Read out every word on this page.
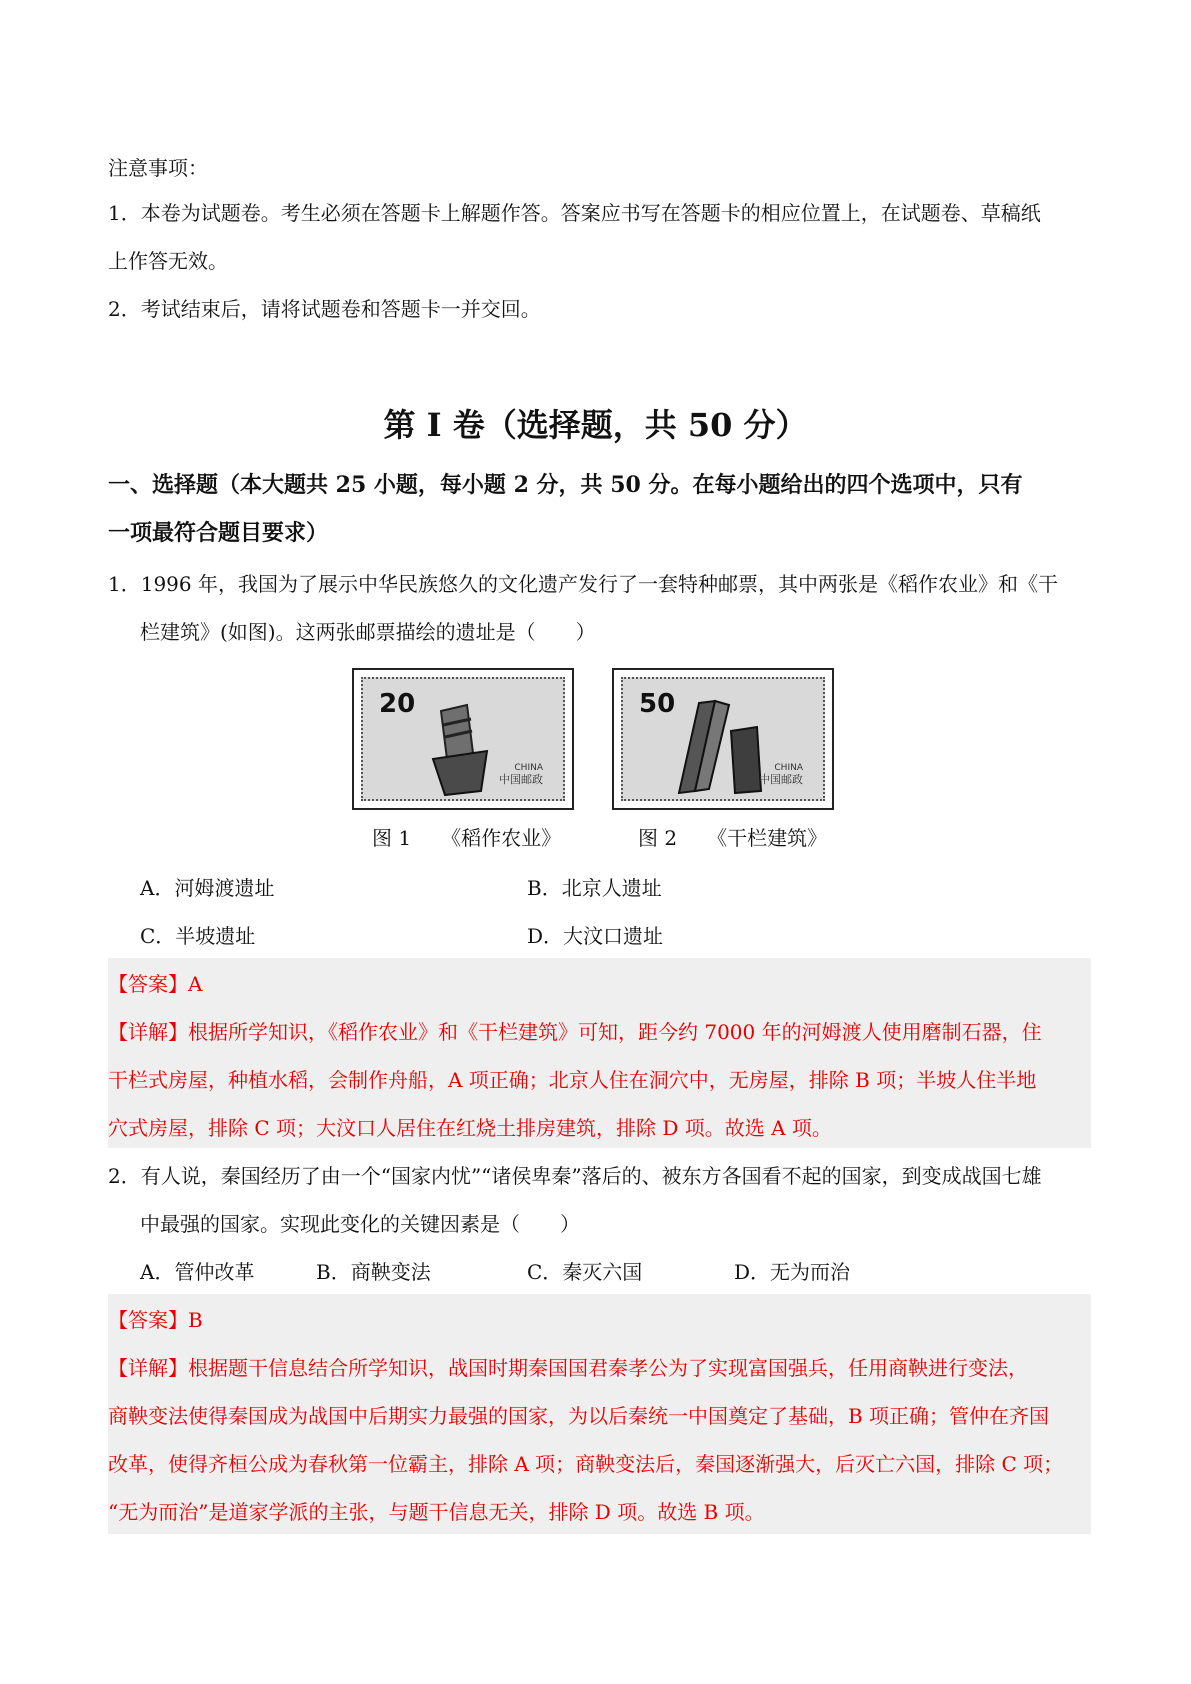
注意事项：
1．本卷为试题卷。考生必须在答题卡上解题作答。答案应书写在答题卡的相应位置上，在试题卷、草稿纸
上作答无效。
2．考试结束后，请将试题卷和答题卡一并交回。
第 I 卷（选择题，共 50 分）
一、选择题（本大题共 25 小题，每小题 2 分，共 50 分。在每小题给出的四个选项中，只有
一项最符合题目要求）
1．1996 年，我国为了展示中华民族悠久的文化遗产发行了一套特种邮票，其中两张是《稻作农业》和《干
栏建筑》(如图)。这两张邮票描绘的遗址是（　　）
20
CHINA
中国邮政
50
CHINA
中国邮政
图 1　　《稻作农业》	图 2　　《干栏建筑》
A．河姆渡遗址	B．北京人遗址
C．半坡遗址	D．大汶口遗址
【答案】A
【详解】根据所学知识，《稻作农业》和《干栏建筑》可知，距今约 7000 年的河姆渡人使用磨制石器，住
干栏式房屋，种植水稻，会制作舟船，A 项正确；北京人住在洞穴中，无房屋，排除 B 项；半坡人住半地
穴式房屋，排除 C 项；大汶口人居住在红烧土排房建筑，排除 D 项。故选 A 项。
2．有人说，秦国经历了由一个“国家内忧”“诸侯卑秦”落后的、被东方各国看不起的国家，到变成战国七雄
中最强的国家。实现此变化的关键因素是（　　）
A．管仲改革	B．商鞅变法	C．秦灭六国	D．无为而治
【答案】B
【详解】根据题干信息结合所学知识，战国时期秦国国君秦孝公为了实现富国强兵，任用商鞅进行变法，
商鞅变法使得秦国成为战国中后期实力最强的国家，为以后秦统一中国奠定了基础，B 项正确；管仲在齐国
改革，使得齐桓公成为春秋第一位霸主，排除 A 项；商鞅变法后，秦国逐渐强大，后灭亡六国，排除 C 项；
“无为而治”是道家学派的主张，与题干信息无关，排除 D 项。故选 B 项。
